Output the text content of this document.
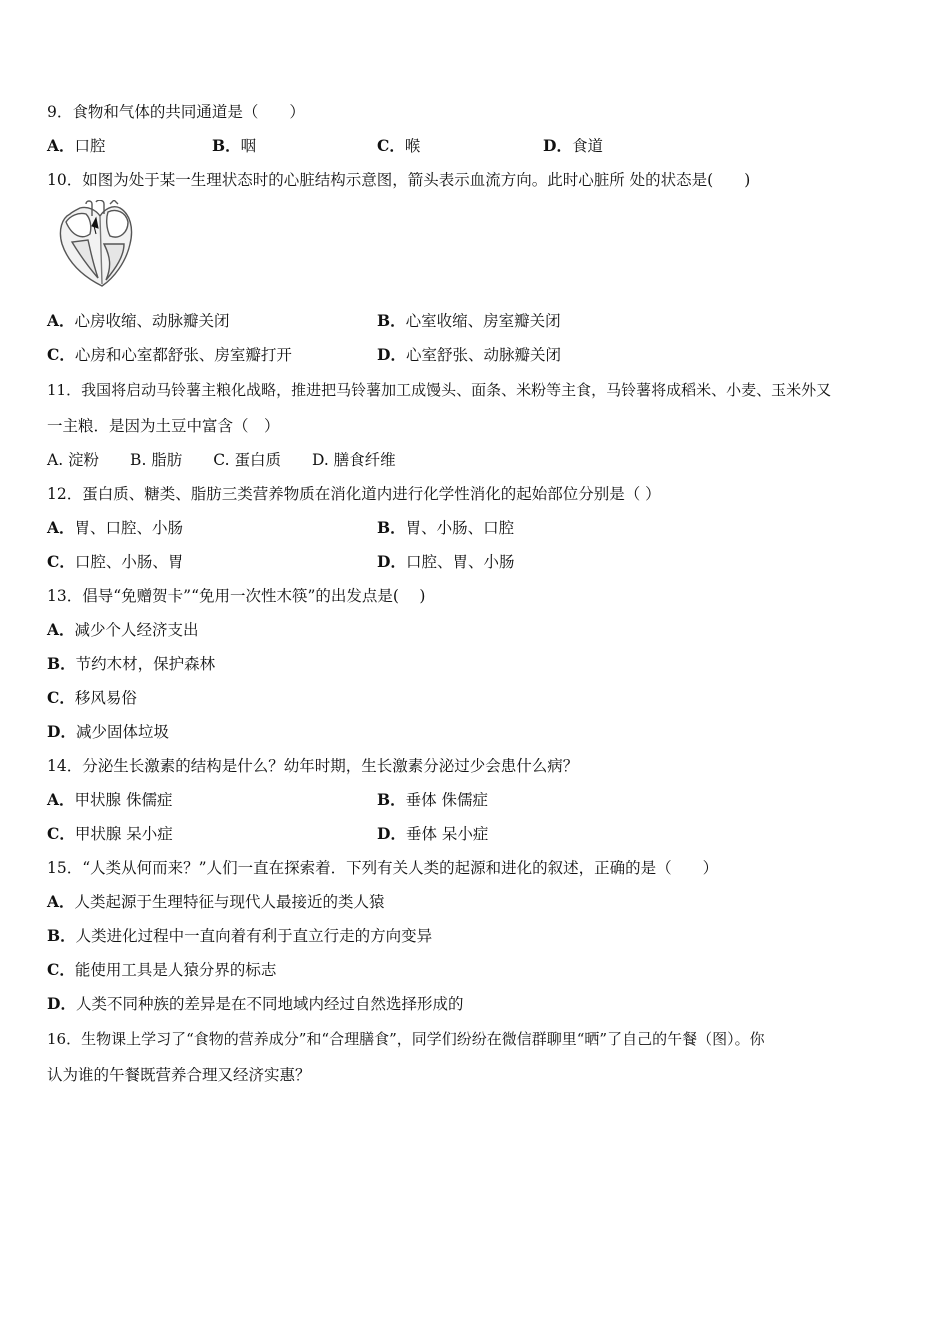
9．食物和气体的共同通道是（　　）
A．口腔	B．咽	C．喉	D．食道
10．如图为处于某一生理状态时的心脏结构示意图，箭头表示血流方向。此时心脏所 处的状态是(　　)
A．心房收缩、动脉瓣关闭	B．心室收缩、房室瓣关闭
C．心房和心室都舒张、房室瓣打开	D．心室舒张、动脉瓣关闭
11．我国将启动马铃薯主粮化战略，推进把马铃薯加工成馒头、面条、米粉等主食，马铃薯将成稻米、小麦、玉米外又
一主粮．是因为土豆中富含（　）
A. 淀粉　　B. 脂肪　　C. 蛋白质　　D. 膳食纤维
12．蛋白质、糖类、脂肪三类营养物质在消化道内进行化学性消化的起始部位分别是（ ）
A．胃、口腔、小肠	B．胃、小肠、口腔
C．口腔、小肠、胃	D．口腔、胃、小肠
13．倡导“免赠贺卡”“免用一次性木筷”的出发点是(　 )
A．减少个人经济支出
B．节约木材，保护森林
C．移风易俗
D．减少固体垃圾
14．分泌生长激素的结构是什么？幼年时期，生长激素分泌过少会患什么病？
A．甲状腺 侏儒症	B．垂体 侏儒症
C．甲状腺 呆小症	D．垂体 呆小症
15．“人类从何而来？”人们一直在探索着．下列有关人类的起源和进化的叙述，正确的是（　　）
A．人类起源于生理特征与现代人最接近的类人猿
B．人类进化过程中一直向着有利于直立行走的方向变异
C．能使用工具是人猿分界的标志
D．人类不同种族的差异是在不同地域内经过自然选择形成的
16．生物课上学习了“食物的营养成分”和“合理膳食”，同学们纷纷在微信群聊里“晒”了自己的午餐（图）。你
认为谁的午餐既营养合理又经济实惠？
